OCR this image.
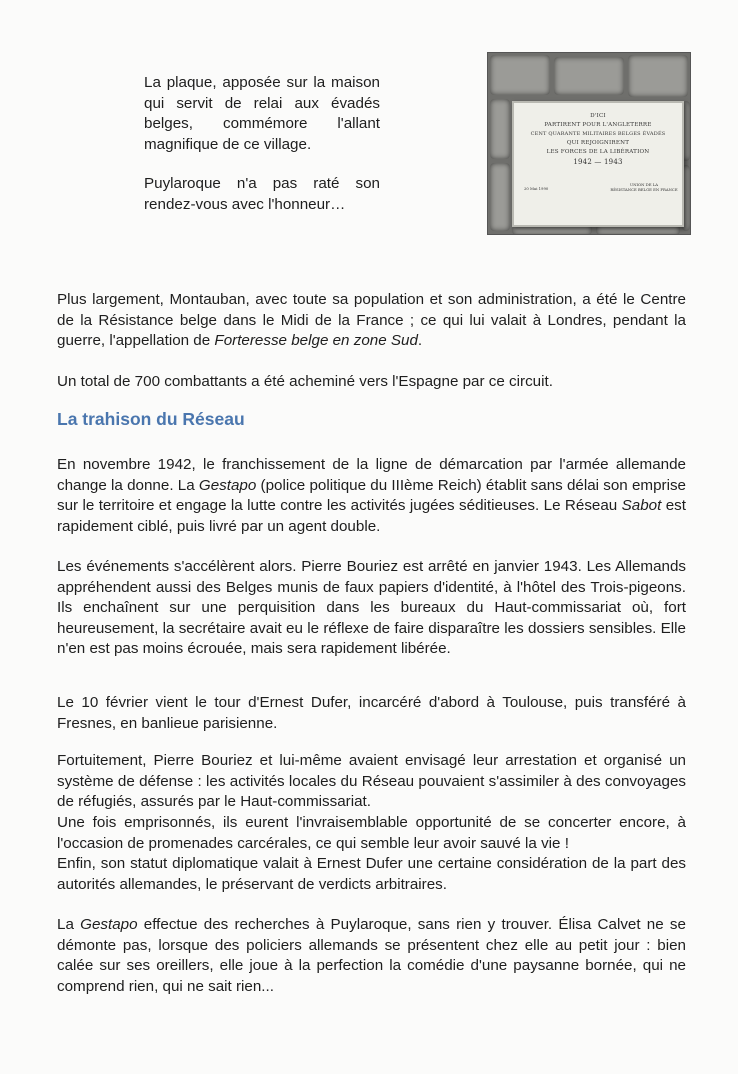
La plaque, apposée sur la maison qui servit de relai aux évadés belges, commémore l'allant magnifique de ce village.

Puylaroque n'a pas raté son rendez-vous avec l'honneur…

D'ICI
PARTIRENT POUR L'ANGLETERRE
CENT QUARANTE MILITAIRES BELGES ÉVADÉS
QUI REJOIGNIRENT
LES FORCES DE LA LIBÉRATION
1942 — 1943
20 Mai 1990
UNION DE LA
RÉSISTANCE BELGE EN FRANCE

Plus largement, Montauban, avec toute sa population et son administration, a été le Centre de la Résistance belge dans le Midi de la France ; ce qui lui valait à Londres, pendant la guerre, l'appellation de Forteresse belge en zone Sud.

Un total de 700 combattants a été acheminé vers l'Espagne par ce circuit.

La trahison du Réseau

En novembre 1942, le franchissement de la ligne de démarcation par l'armée allemande change la donne. La Gestapo (police politique du IIIème Reich) établit sans délai son emprise sur le territoire et engage la lutte contre les activités jugées séditieuses. Le Réseau Sabot est rapidement ciblé, puis livré par un agent double.

Les événements s'accélèrent alors. Pierre Bouriez est arrêté en janvier 1943. Les Allemands appréhendent aussi des Belges munis de faux papiers d'identité, à l'hôtel des Trois-pigeons. Ils enchaînent sur une perquisition dans les bureaux du Haut-commissariat où, fort heureusement, la secrétaire avait eu le réflexe de faire disparaître les dossiers sensibles. Elle n'en est pas moins écrouée, mais sera rapidement libérée.

Le 10 février vient le tour d'Ernest Dufer, incarcéré d'abord à Toulouse, puis transféré à Fresnes, en banlieue parisienne.

Fortuitement, Pierre Bouriez et lui-même avaient envisagé leur arrestation et organisé un système de défense : les activités locales du Réseau pouvaient s'assimiler à des convoyages de réfugiés, assurés par le Haut-commissariat.

Une fois emprisonnés, ils eurent l'invraisemblable opportunité de se concerter encore, à l'occasion de promenades carcérales, ce qui semble leur avoir sauvé la vie !

Enfin, son statut diplomatique valait à Ernest Dufer une certaine considération de la part des autorités allemandes, le préservant de verdicts arbitraires.

La Gestapo effectue des recherches à Puylaroque, sans rien y trouver. Élisa Calvet ne se démonte pas, lorsque des policiers allemands se présentent chez elle au petit jour : bien calée sur ses oreillers, elle joue à la perfection la comédie d'une paysanne bornée, qui ne comprend rien, qui ne sait rien...
